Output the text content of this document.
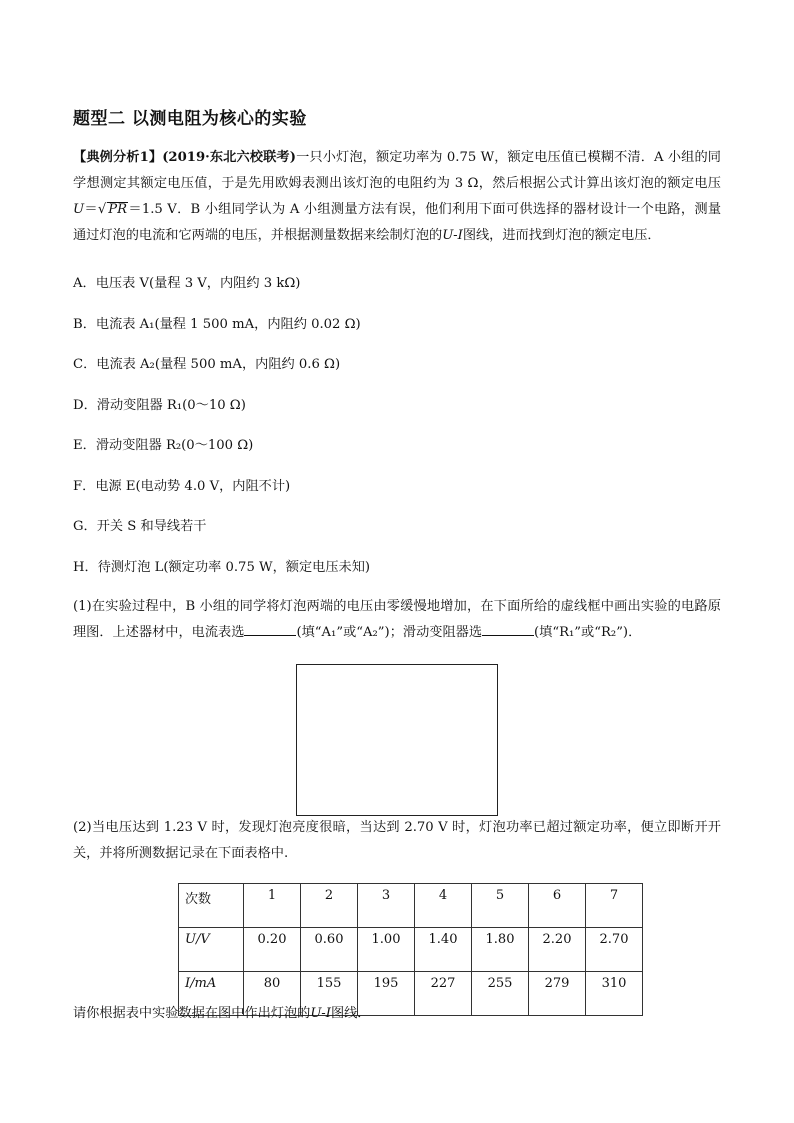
题型二 以测电阻为核心的实验
【典例分析1】(2019·东北六校联考)一只小灯泡，额定功率为 0.75 W，额定电压值已模糊不清．A 小组的同学想测定其额定电压值，于是先用欧姆表测出该灯泡的电阻约为 3 Ω，然后根据公式计算出该灯泡的额定电压 U＝√ PR＝1.5 V．B 小组同学认为 A 小组测量方法有误，他们利用下面可供选择的器材设计一个电路，测量通过灯泡的电流和它两端的电压，并根据测量数据来绘制灯泡的U-I图线，进而找到灯泡的额定电压．
A．电压表 V(量程 3 V，内阻约 3 kΩ)
B．电流表 A₁(量程 1 500 mA，内阻约 0.02 Ω)
C．电流表 A₂(量程 500 mA，内阻约 0.6 Ω)
D．滑动变阻器 R₁(0～10 Ω)
E．滑动变阻器 R₂(0～100 Ω)
F．电源 E(电动势 4.0 V，内阻不计)
G．开关 S 和导线若干
H．待测灯泡 L(额定功率 0.75 W，额定电压未知)
(1)在实验过程中，B 小组的同学将灯泡两端的电压由零缓慢地增加，在下面所给的虚线框中画出实验的电路原理图．上述器材中，电流表选	(填“A₁”或“A₂”)；滑动变阻器选	(填“R₁”或“R₂”)．
(2)当电压达到 1.23 V 时，发现灯泡亮度很暗，当达到 2.70 V 时，灯泡功率已超过额定功率，便立即断开开关，并将所测数据记录在下面表格中.
次数	1	2	3	4	5	6	7
U/V	0.20	0.60	1.00	1.40	1.80	2.20	2.70
I/mA	80	155	195	227	255	279	310
请你根据表中实验数据在图中作出灯泡的U-I图线．
